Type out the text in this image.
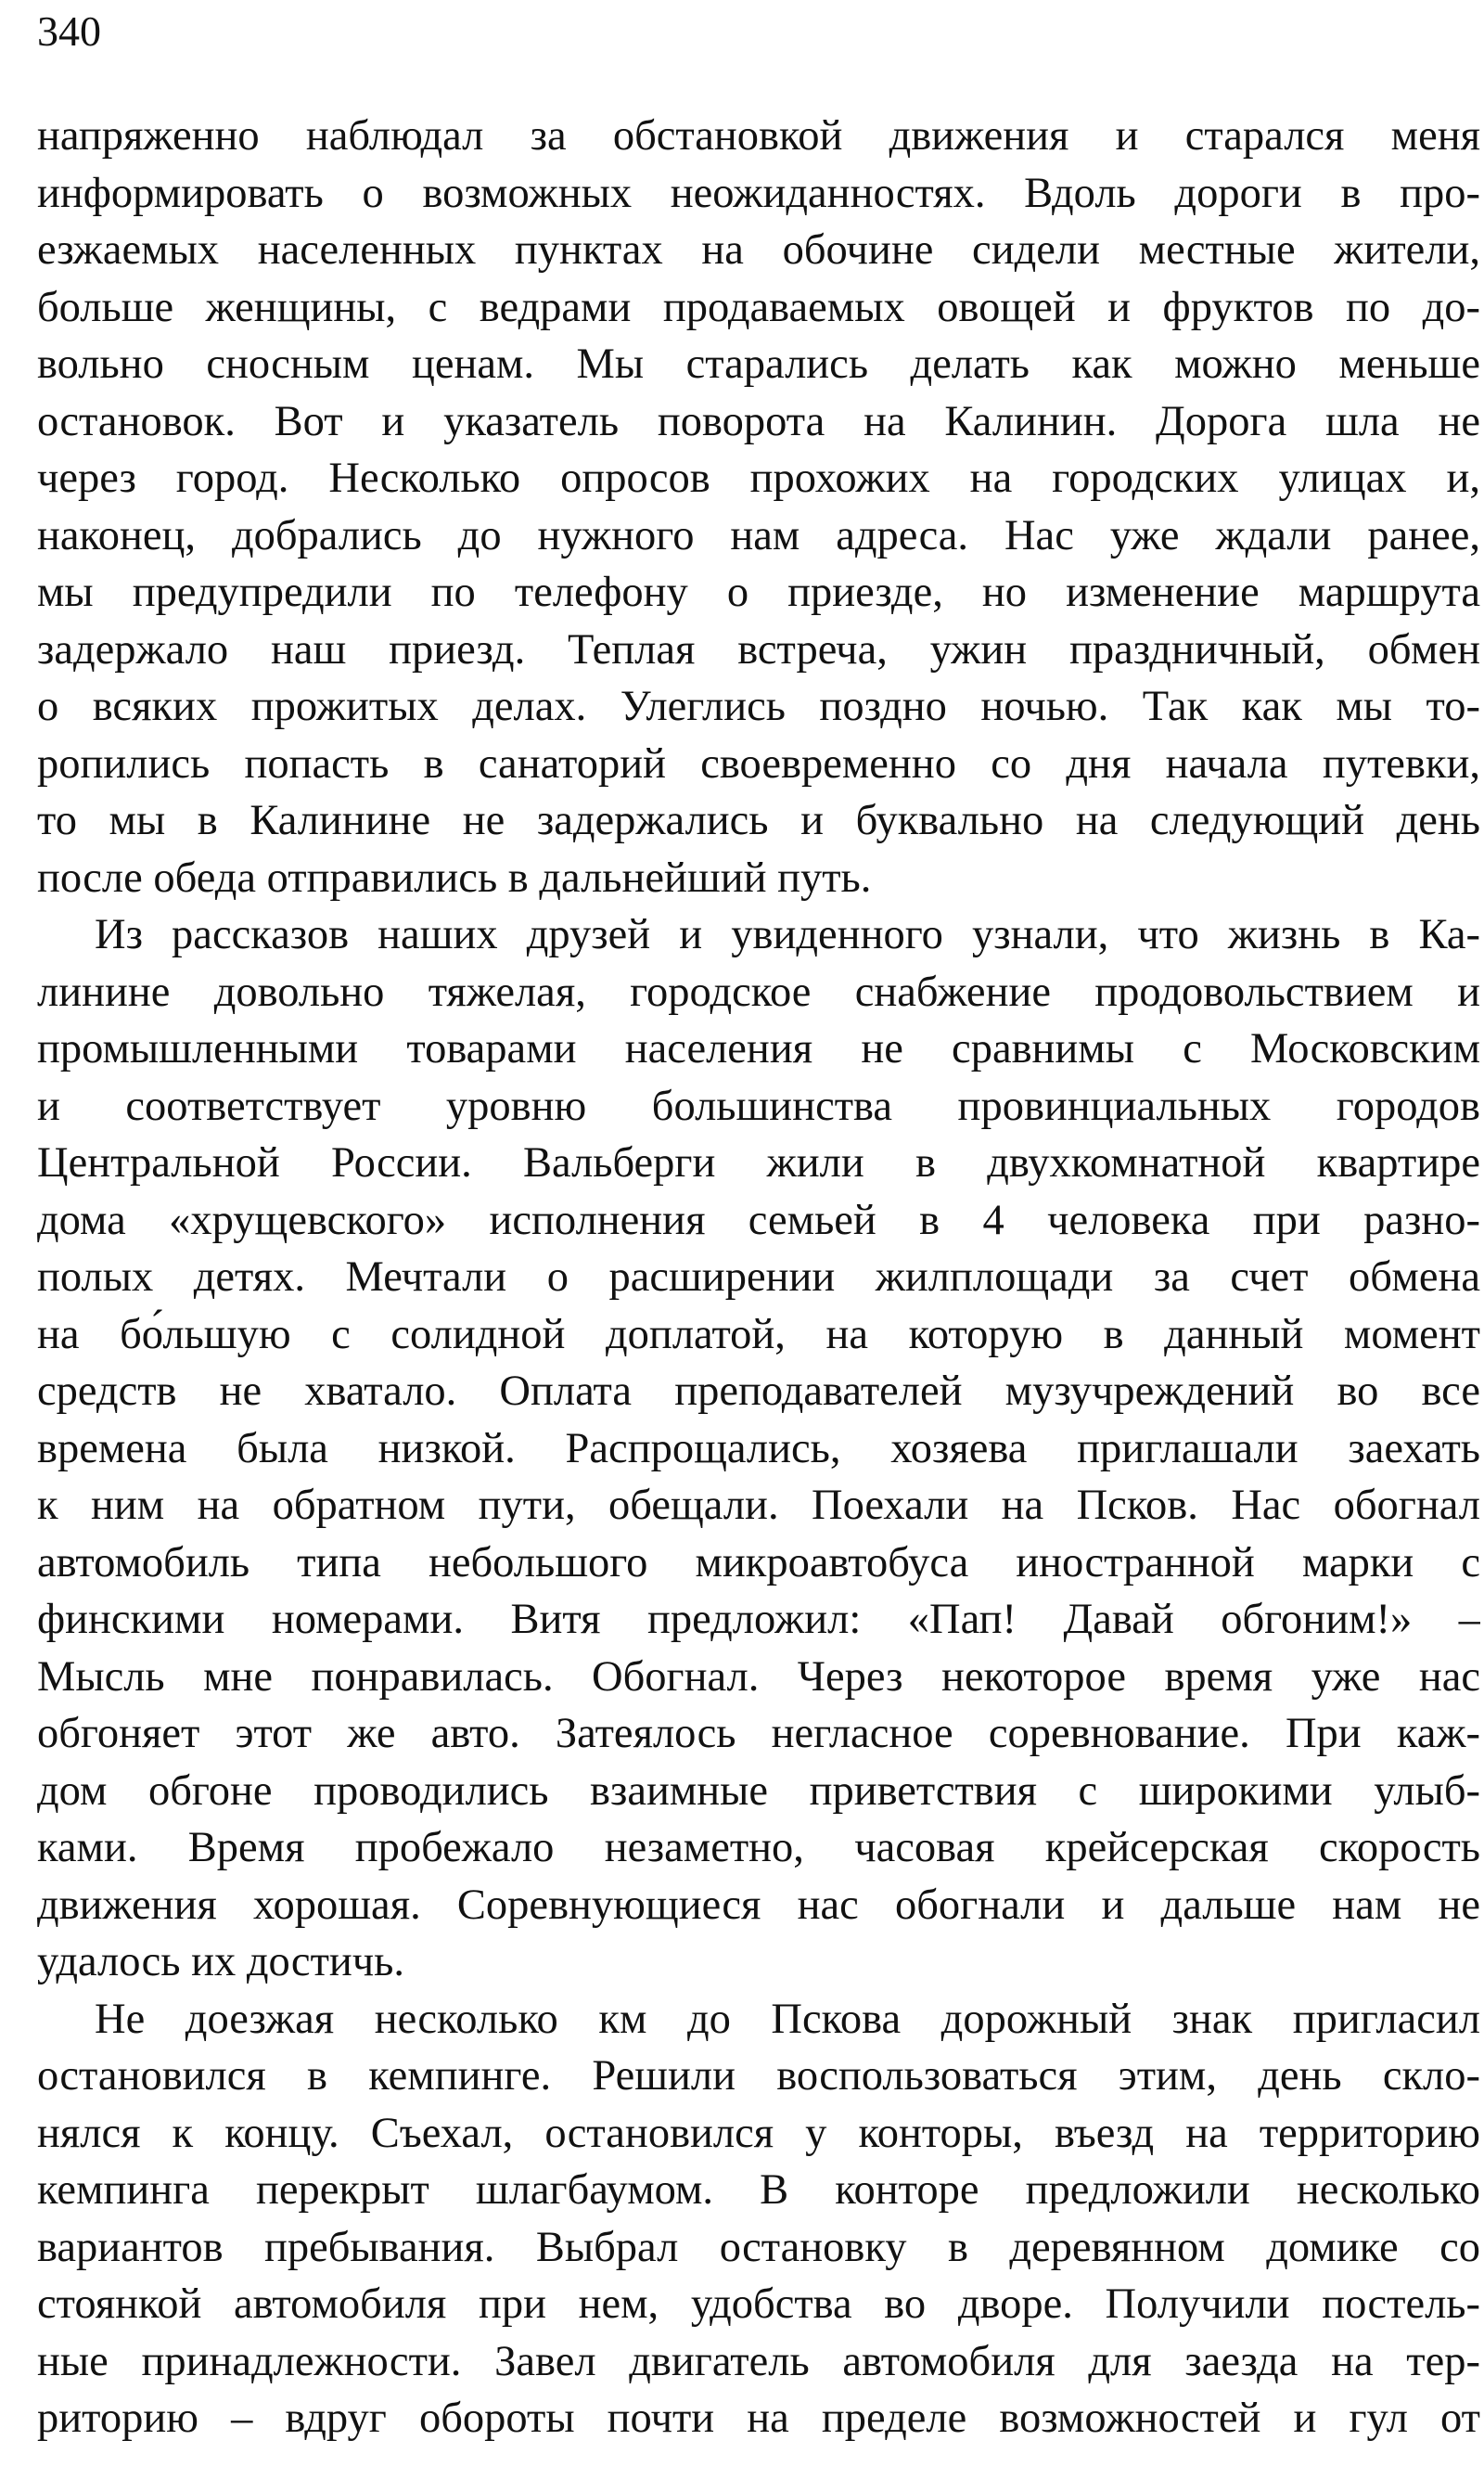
340

напряженно наблюдал за обстановкой движения и старался меня
информировать о возможных неожиданностях. Вдоль дороги в про-
езжаемых населенных пунктах на обочине сидели местные жители,
больше женщины, с ведрами продаваемых овощей и фруктов по до-
вольно сносным ценам. Мы старались делать как можно меньше
остановок. Вот и указатель поворота на Калинин. Дорога шла не
через город. Несколько опросов прохожих на городских улицах и,
наконец, добрались до нужного нам адреса. Нас уже ждали ранее,
мы предупредили по телефону о приезде, но изменение маршрута
задержало наш приезд. Теплая встреча, ужин праздничный, обмен
о всяких прожитых делах. Улеглись поздно ночью. Так как мы то-
ропились попасть в санаторий своевременно со дня начала путевки,
то мы в Калинине не задержались и буквально на следующий день
после обеда отправились в дальнейший путь.

Из рассказов наших друзей и увиденного узнали, что жизнь в Ка-
линине довольно тяжелая, городское снабжение продовольствием и
промышленными товарами населения не сравнимы с Московским
и соответствует уровню большинства провинциальных городов
Центральной России. Вальберги жили в двухкомнатной квартире
дома «хрущевского» исполнения семьей в 4 человека при разно-
полых детях. Мечтали о расширении жилплощади за счет обмена
на бо́льшую с солидной доплатой, на которую в данный момент
средств не хватало. Оплата преподавателей музучреждений во все
времена была низкой. Распрощались, хозяева приглашали заехать
к ним на обратном пути, обещали. Поехали на Псков. Нас обогнал
автомобиль типа небольшого микроавтобуса иностранной марки с
финскими номерами. Витя предложил: «Пап! Давай обгоним!» –
Мысль мне понравилась. Обогнал. Через некоторое время уже нас
обгоняет этот же авто. Затеялось негласное соревнование. При каж-
дом обгоне проводились взаимные приветствия с широкими улыб-
ками. Время пробежало незаметно, часовая крейсерская скорость
движения хорошая. Соревнующиеся нас обогнали и дальше нам не
удалось их достичь.

Не доезжая несколько км до Пскова дорожный знак пригласил
остановился в кемпинге. Решили воспользоваться этим, день скло-
нялся к концу. Съехал, остановился у конторы, въезд на территорию
кемпинга перекрыт шлагбаумом. В конторе предложили несколько
вариантов пребывания. Выбрал остановку в деревянном домике со
стоянкой автомобиля при нем, удобства во дворе. Получили постель-
ные принадлежности. Завел двигатель автомобиля для заезда на тер-
риторию – вдруг обороты почти на пределе возможностей и гул от
